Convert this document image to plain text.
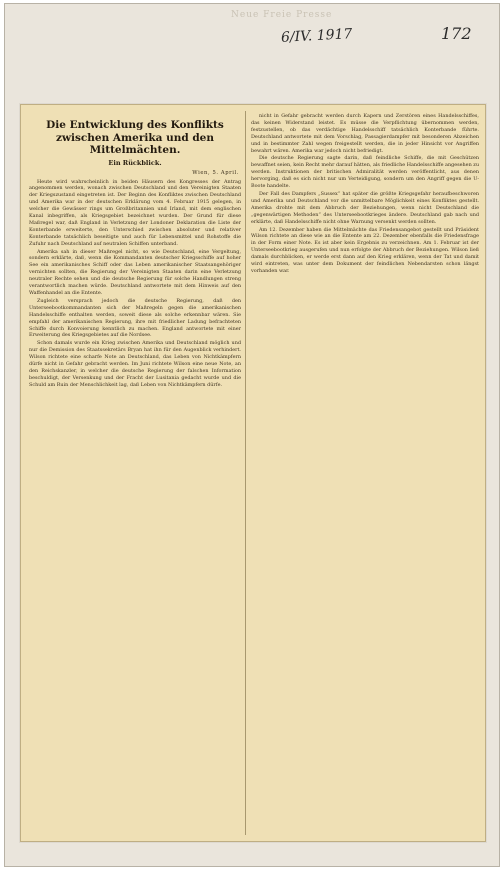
Neue Freie Presse
6/IV. 1917	172
Die Entwicklung des Konflikts zwischen Amerika und den Mittelmächten.
Ein Rückblick.
Wien, 5. April.

Heute wird wahrscheinlich in beiden Häusern des Kongresses der Antrag angenommen werden, wonach zwischen Deutschland und den Vereinigten Staaten der Kriegszustand eingetreten ist. Der Beginn des Konfliktes zwischen Deutschland und Amerika war in der deutschen Erklärung vom 4. Februar 1915 gelegen, in welcher die Gewässer rings um Großbritannien und Irland, mit dem englischen Kanal inbegriffen, als Kriegsgebiet bezeichnet wurden. Der Grund für diese Maßregel war, daß England in Verletzung der Londoner Deklaration die Liste der Konterbande erweiterte, den Unterschied zwischen absoluter und relativer Konterbande tatsächlich beseitigte und auch für Lebensmittel und Rohstoffe die Zufuhr nach Deutschland auf neutralen Schiffen unterband.

Amerika sah in dieser Maßregel nicht, so wie Deutschland, eine Vergeltung, sondern erklärte, daß, wenn die Kommandanten deutscher Kriegsschiffe auf hoher See ein amerikanisches Schiff oder das Leben amerikanischer Staatsangehöriger vernichten sollten, die Regierung der Vereinigten Staaten darin eine Verletzung neutraler Rechte sehen und die deutsche Regierung für solche Handlungen streng verantwortlich machen würde. Deutschland antwortete mit dem Hinweis auf den Waffenhandel an die Entente.

Zugleich versprach jedoch die deutsche Regierung, daß den Unterseebootkommandanten sich der Maßregeln gegen die amerikanischen Handelsschiffe enthalten werden, soweit diese als solche erkennbar wären. Sie empfahl der amerikanischen Regierung, ihre mit friedlicher Ladung befrachteten Schiffe durch Konvoierung kenntlich zu machen. England antwortete mit einer Erweiterung des Kriegsgebietes auf die Nordsee.

Schon damals wurde ein Krieg zwischen Amerika und Deutschland möglich und nur die Demission des Staatssekretärs Bryan hat ihn für den Augenblick verhindert. Wilson richtete eine scharfe Note an Deutschland, das Leben von Nichtkämpfern dürfe nicht in Gefahr gebracht werden. Im Juni richtete Wilson eine neue Note, an den Reichskanzler, in welcher die deutsche Regierung der falschen Information beschuldigt, der Versenkung und der Fracht der Lusitania gedacht wurde und die Schuld am Ruin der Menschlichkeit lag, daß Leben von Nichtkämpfern dürfe.

nicht in Gefahr gebracht werden durch Kapern und Zerstören eines Handelsschiffes, das keinen Widerstand leistet. Es müsse die Verpflichtung übernommen werden, festzustellen, ob das verdächtige Handelsschiff tatsächlich Konterbande führte. Deutschland antwortete mit dem Vorschlag, Passagierdampfer mit besonderen Abzeichen und in bestimmter Zahl wegen freigestellt werden, die in jeder Hinsicht vor Angriffen bewahrt wären. Amerika war jedoch nicht befriedigt.

Die deutsche Regierung sagte darin, daß feindliche Schiffe, die mit Geschützen bewaffnet seien, kein Recht mehr darauf hätten, als friedliche Handelsschiffe angesehen zu werden. Instruktionen der britischen Admiralität werden veröffentlicht, aus denen hervorging, daß es sich nicht nur um Verteidigung, sondern um den Angriff gegen die U-Boote handelte.

Der Fall des Dampfers „Sussex“ hat später die größte Kriegsgefahr heraufbeschworen und Amerika und Deutschland vor die unmittelbare Möglichkeit eines Konfliktes gestellt. Amerika drohte mit dem Abbruch der Beziehungen, wenn nicht Deutschland die „gegenwärtigen Methoden“ des Unterseebootkrieges ändere. Deutschland gab nach und erklärte, daß Handelsschiffe nicht ohne Warnung versenkt werden sollten.

Am 12. Dezember haben die Mittelmächte das Friedensangebot gestellt und Präsident Wilson richtete an diese wie an die Entente am 22. Dezember ebenfalls die Friedensfrage in der Form einer Note. Es ist aber kein Ergebnis zu verzeichnen. Am 1. Februar ist der Unterseebootkrieg ausgerufen und nun erfolgte der Abbruch der Beziehungen. Wilson ließ damals durchblicken, er werde erst dann auf den Krieg erklären, wenn der Tat und damit wird eintreten, was unter dem Dokument der feindlichen Nebendarsten schon längst vorhanden war.
